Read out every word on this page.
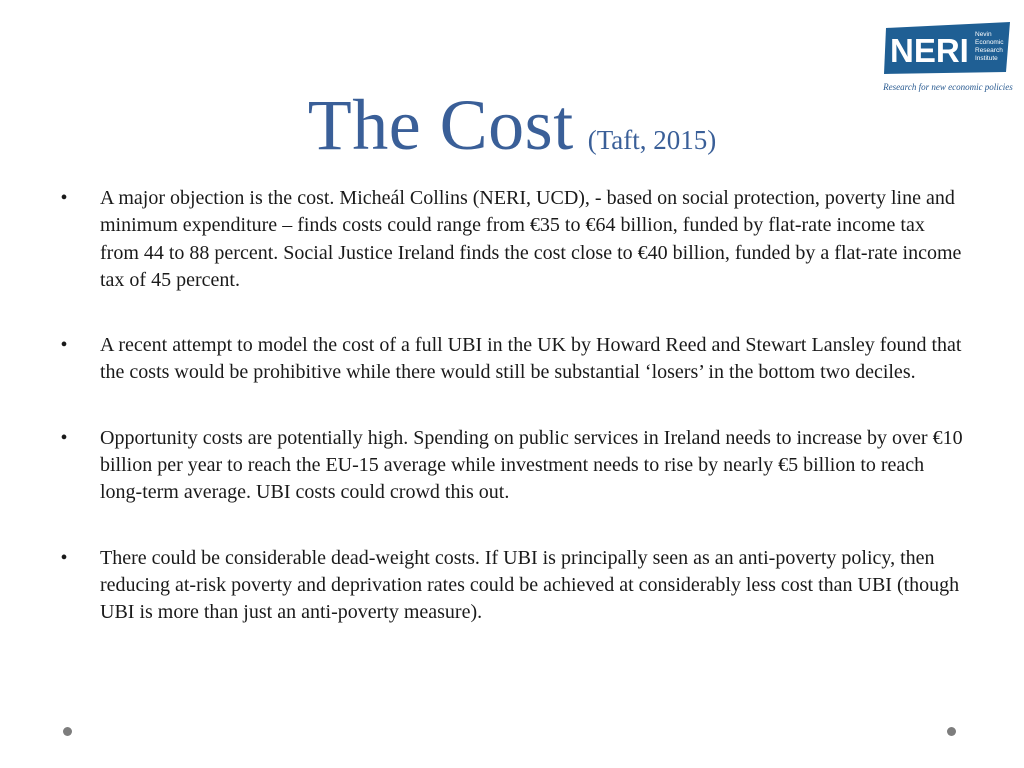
NERI Nevin
Economic
Research
Institute
Research for new economic policies
The Cost (Taft, 2015)
• A major objection is the cost. Micheál Collins (NERI, UCD), - based on social protection, poverty line and minimum expenditure – finds costs could range from €35 to €64 billion, funded by flat-rate income tax from 44 to 88 percent. Social Justice Ireland finds the cost close to €40 billion, funded by a flat-rate income tax of 45 percent.
• A recent attempt to model the cost of a full UBI in the UK by Howard Reed and Stewart Lansley found that the costs would be prohibitive while there would still be substantial ‘losers’ in the bottom two deciles.
• Opportunity costs are potentially high. Spending on public services in Ireland needs to increase by over €10 billion per year to reach the EU-15 average while investment needs to rise by nearly €5 billion to reach long-term average. UBI costs could crowd this out.
• There could be considerable dead-weight costs. If UBI is principally seen as an anti-poverty policy, then reducing at-risk poverty and deprivation rates could be achieved at considerably less cost than UBI (though UBI is more than just an anti-poverty measure).
